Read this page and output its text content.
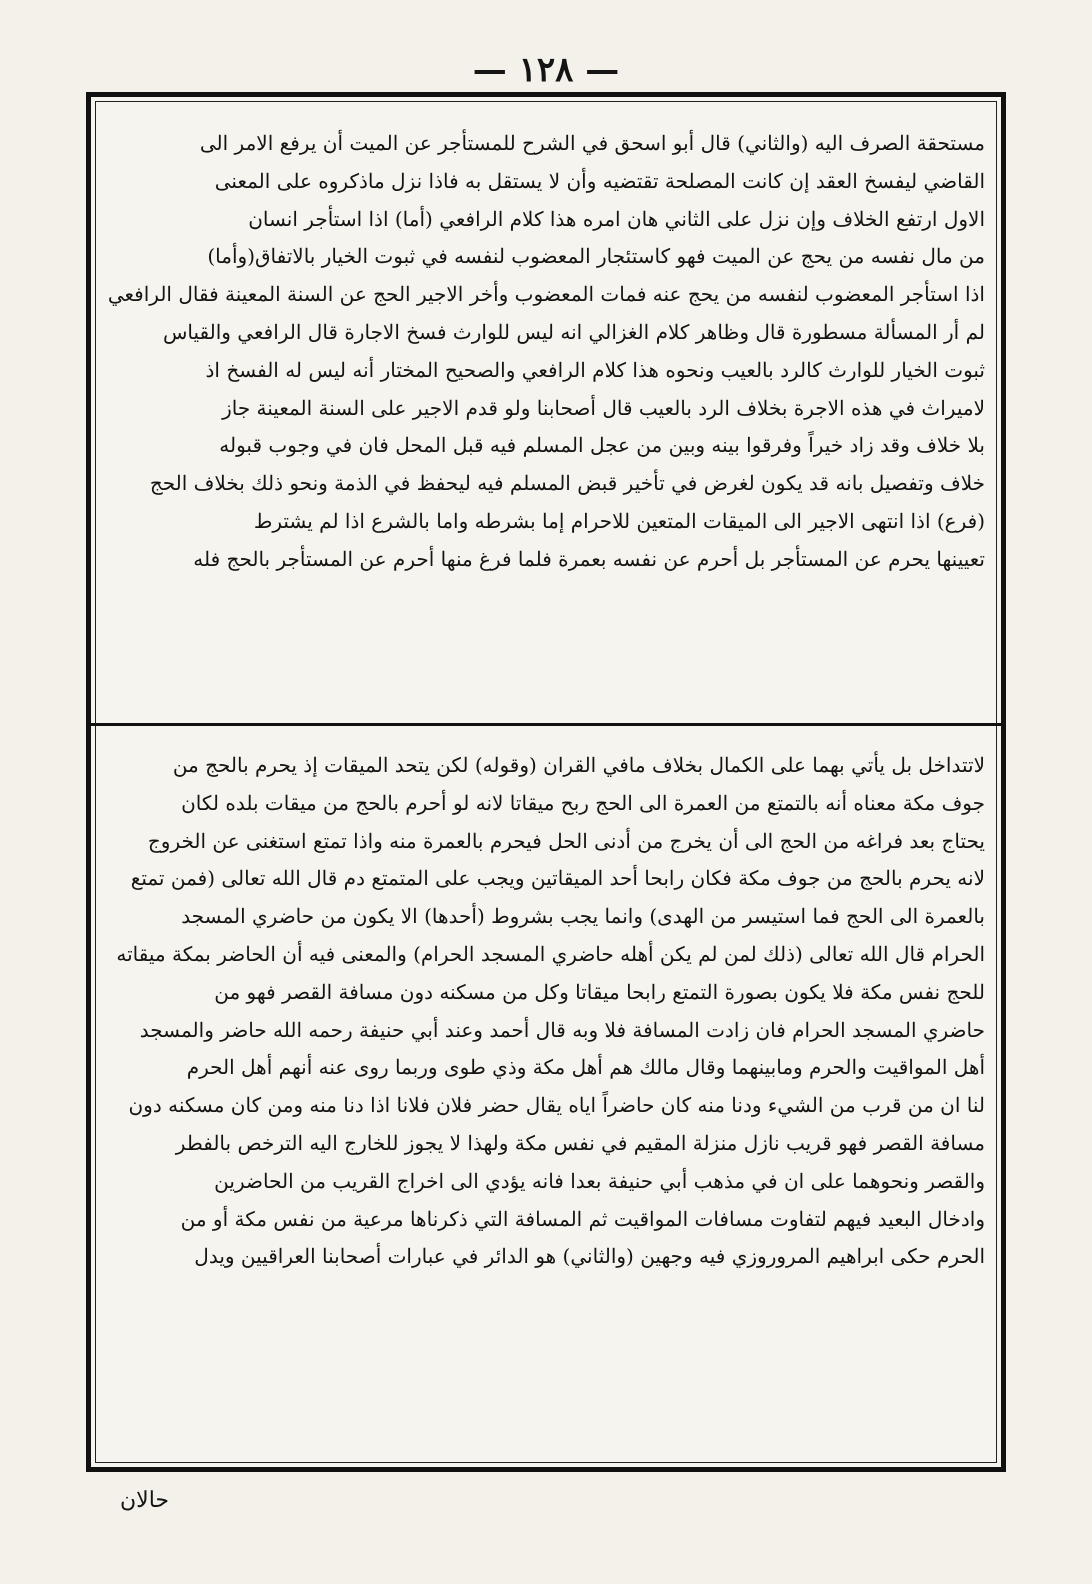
— ١٢٨ —

مستحقة الصرف اليه (والثاني) قال أبو اسحق في الشرح للمستأجر عن الميت أن يرفع الامر الى

القاضي ليفسخ العقد إن كانت المصلحة تقتضيه وأن لا يستقل به فاذا نزل ماذكروه على المعنى

الاول ارتفع الخلاف وإن نزل على الثاني هان امره هذا كلام الرافعي (أما) اذا استأجر انسان

من مال نفسه من يحج عن الميت فهو كاستئجار المعضوب لنفسه في ثبوت الخيار بالاتفاق(وأما)

اذا استأجر المعضوب لنفسه من يحج عنه فمات المعضوب وأخر الاجير الحج عن السنة المعينة فقال الرافعي

لم أر المسألة مسطورة قال وظاهر كلام الغزالي انه ليس للوارث فسخ الاجارة قال الرافعي والقياس

ثبوت الخيار للوارث كالرد بالعيب ونحوه هذا كلام الرافعي والصحيح المختار أنه ليس له الفسخ اذ

لاميراث في هذه الاجرة بخلاف الرد بالعيب قال أصحابنا ولو قدم الاجير على السنة المعينة جاز

بلا خلاف وقد زاد خيراً وفرقوا بينه وبين من عجل المسلم فيه قبل المحل فان في وجوب قبوله

خلاف وتفصيل بانه قد يكون لغرض في تأخير قبض المسلم فيه ليحفظ في الذمة ونحو ذلك بخلاف الحج

(فرع) اذا انتهى الاجير الى الميقات المتعين للاحرام إما بشرطه واما بالشرع اذا لم يشترط

تعيينها يحرم عن المستأجر بل أحرم عن نفسه بعمرة فلما فرغ منها أحرم عن المستأجر بالحج فله

لاتتداخل بل يأتي بهما على الكمال بخلاف مافي القران (وقوله) لكن يتحد الميقات إذ يحرم بالحج من

جوف مكة معناه أنه بالتمتع من العمرة الى الحج ربح ميقاتا لانه لو أحرم بالحج من ميقات بلده لكان

يحتاج بعد فراغه من الحج الى أن يخرج من أدنى الحل فيحرم بالعمرة منه واذا تمتع استغنى عن الخروج

لانه يحرم بالحج من جوف مكة فكان رابحا أحد الميقاتين ويجب على المتمتع دم قال الله تعالى (فمن تمتع

بالعمرة الى الحج فما استيسر من الهدى) وانما يجب بشروط (أحدها) الا يكون من حاضري المسجد

الحرام قال الله تعالى (ذلك لمن لم يكن أهله حاضري المسجد الحرام) والمعنى فيه أن الحاضر بمكة ميقاته

للحج نفس مكة فلا يكون بصورة التمتع رابحا ميقاتا وكل من مسكنه دون مسافة القصر فهو من

حاضري المسجد الحرام فان زادت المسافة فلا وبه قال أحمد وعند أبي حنيفة رحمه الله حاضر والمسجد

أهل المواقيت والحرم ومابينهما وقال مالك هم أهل مكة وذي طوى وربما روى عنه أنهم أهل الحرم

لنا ان من قرب من الشيء ودنا منه كان حاضراً اياه يقال حضر فلان فلانا اذا دنا منه ومن كان مسكنه دون

مسافة القصر فهو قريب نازل منزلة المقيم في نفس مكة ولهذا لا يجوز للخارج اليه الترخص بالفطر

والقصر ونحوهما على ان في مذهب أبي حنيفة بعدا فانه يؤدي الى اخراج القريب من الحاضرين

وادخال البعيد فيهم لتفاوت مسافات المواقيت ثم المسافة التي ذكرناها مرعية من نفس مكة أو من

الحرم حكى ابراهيم المروروزي فيه وجهين (والثاني) هو الدائر في عبارات أصحابنا العراقيين ويدل

حالان
